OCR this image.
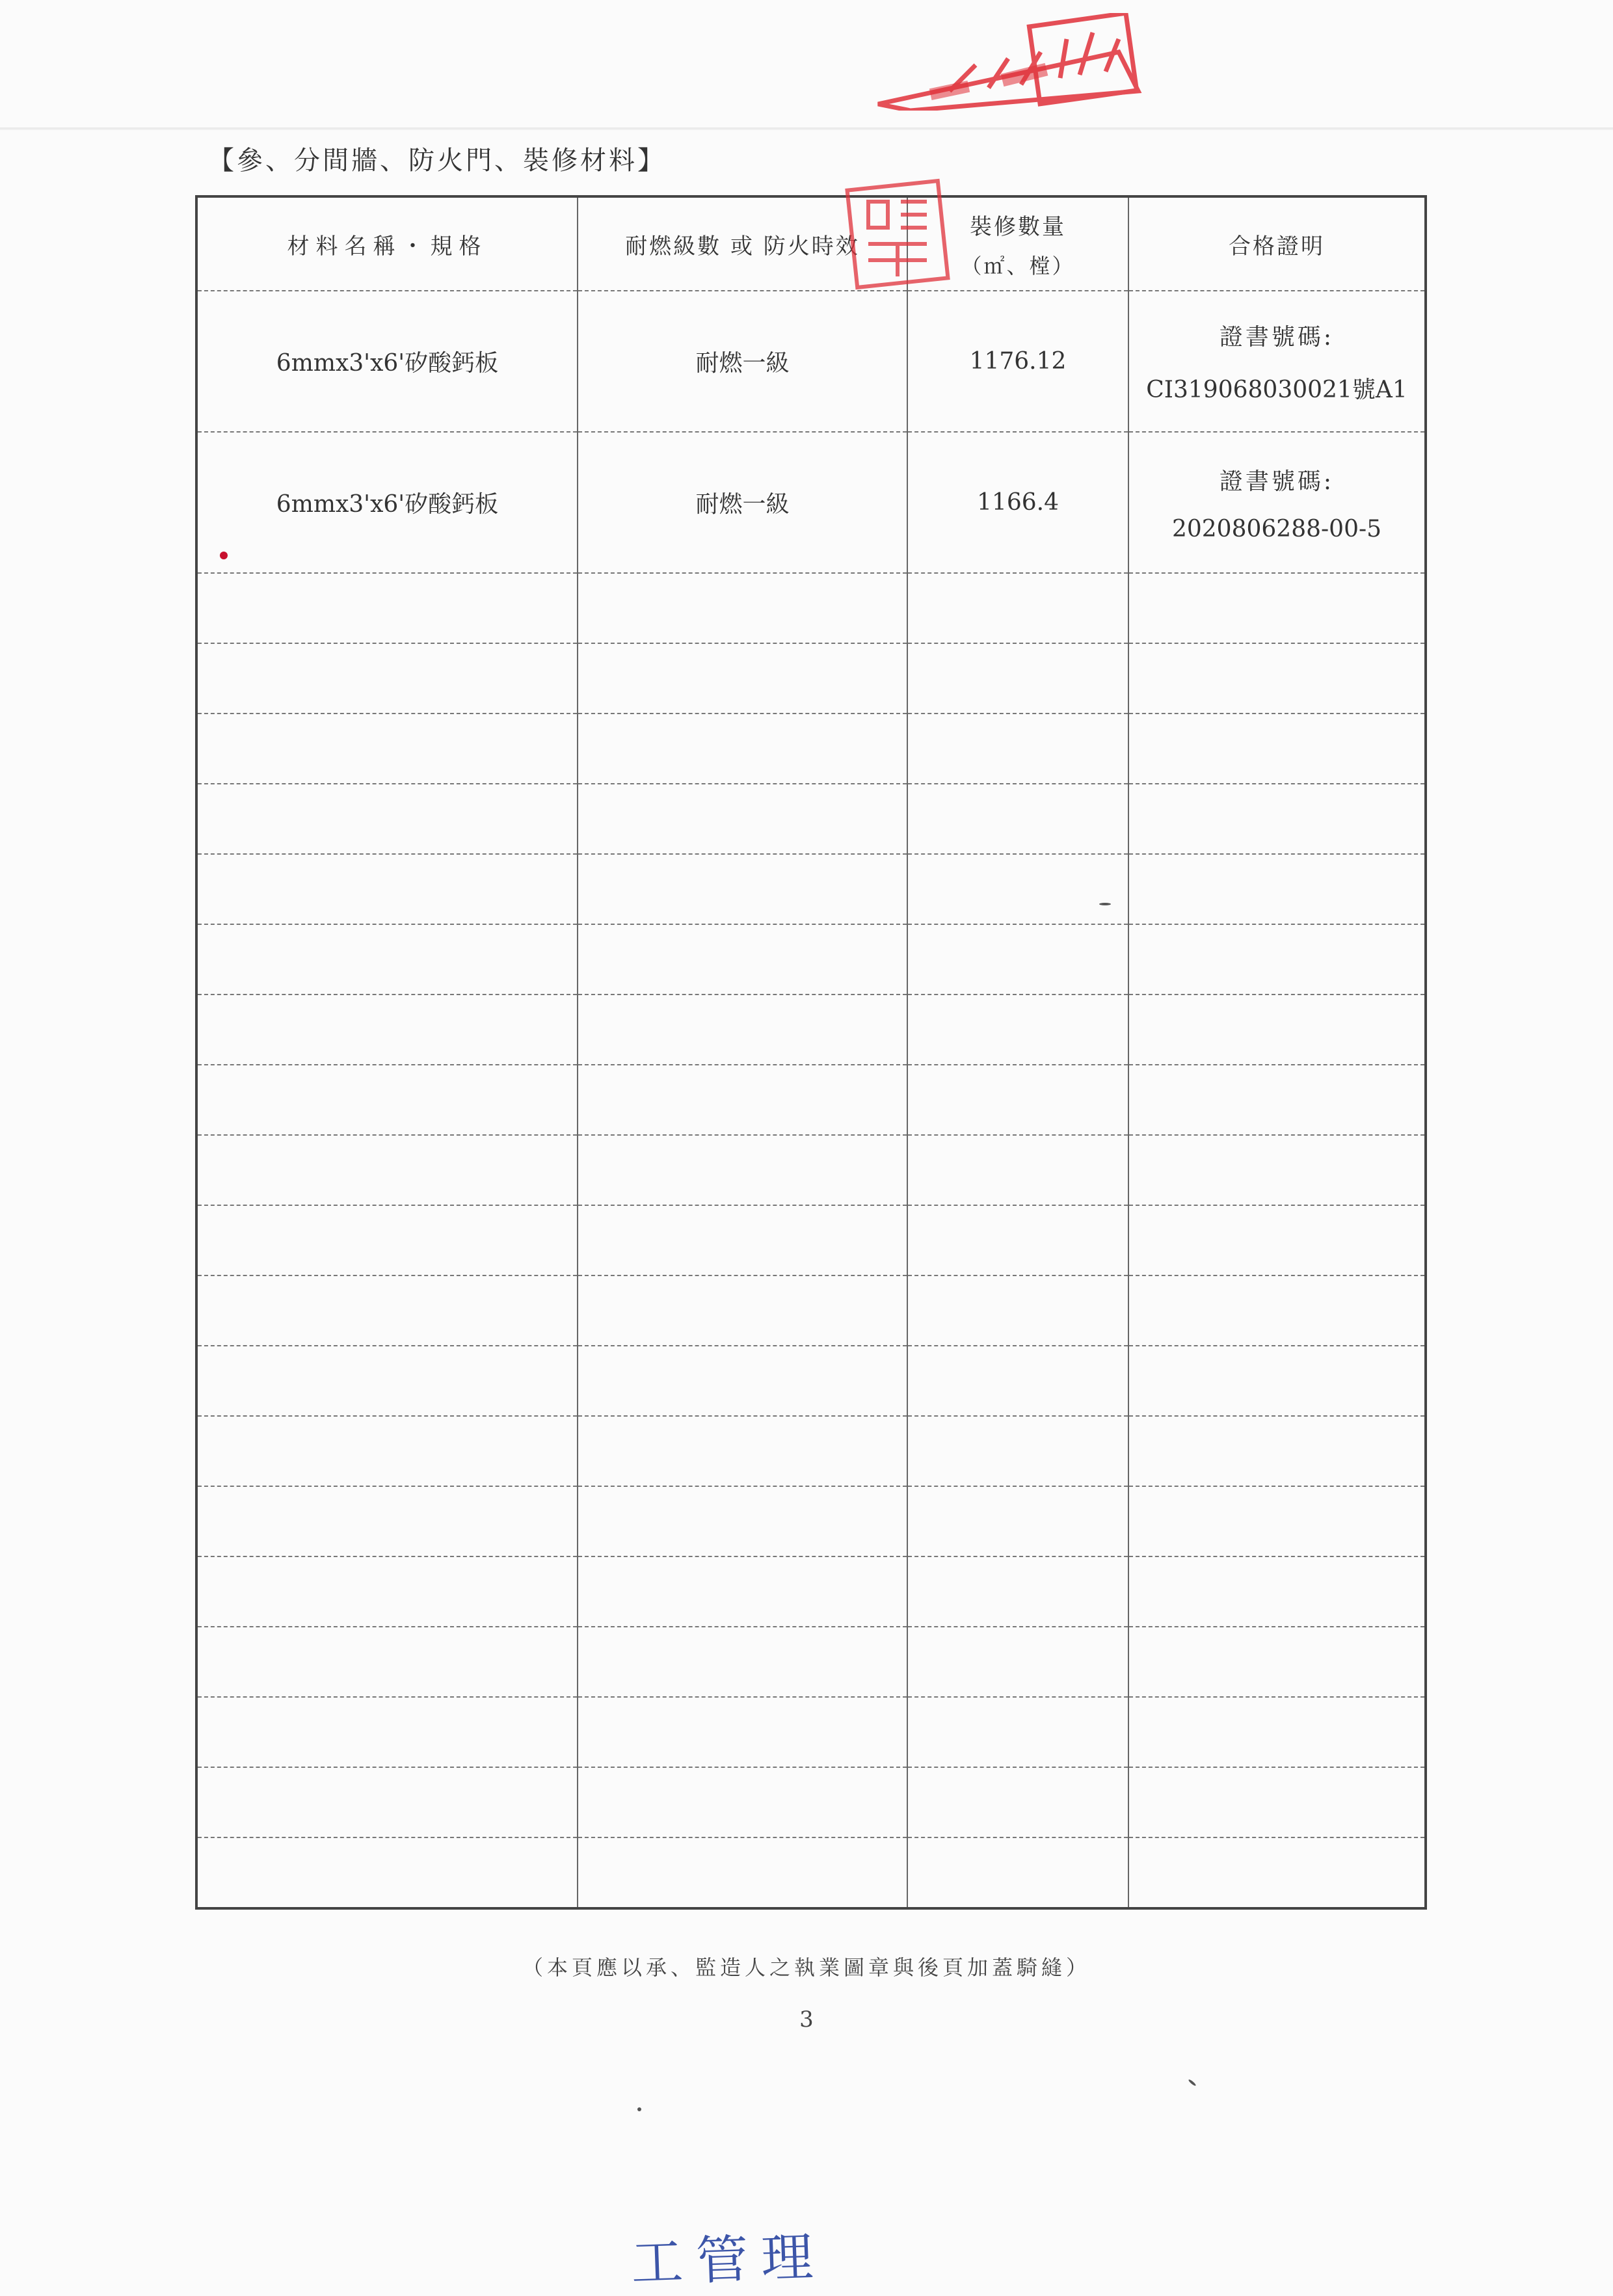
【參、分間牆、防火門、裝修材料】
材料名稱・規格	耐燃級數 或 防火時效	裝修數量
（㎡、樘）	合格證明
6mmx3'x6'矽酸鈣板	耐燃一級	1176.12	證書號碼:
CI319068030021號A1

6mmx3'x6'矽酸鈣板	耐燃一級	1166.4	證書號碼:
2020806288-00-5

（本頁應以承、監造人之執業圖章與後頁加蓋騎縫）
3
工管理
